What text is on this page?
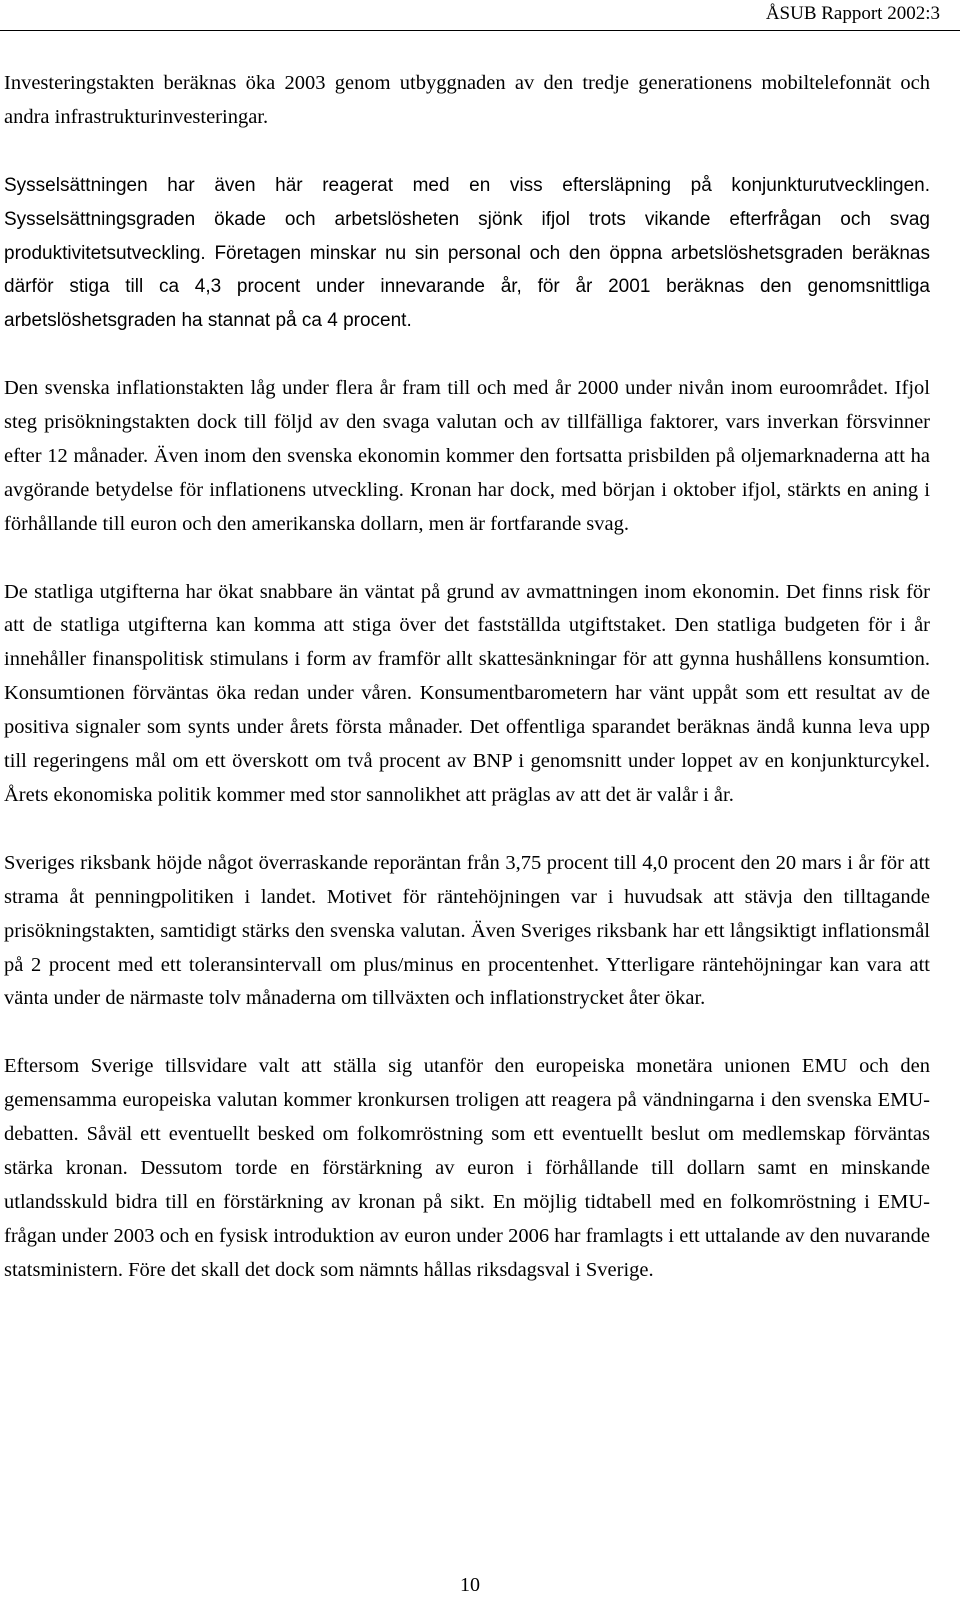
ÅSUB Rapport 2002:3

Investeringstakten beräknas öka 2003 genom utbyggnaden av den tredje generationens mobiltelefonnät och andra infrastrukturinvesteringar.

Sysselsättningen har även här reagerat med en viss eftersläpning på konjunkturutvecklingen. Sysselsättningsgraden ökade och arbetslösheten sjönk ifjol trots vikande efterfrågan och svag produktivitetsutveckling. Företagen minskar nu sin personal och den öppna arbetslöshetsgraden beräknas därför stiga till ca 4,3 procent under innevarande år, för år 2001 beräknas den genomsnittliga arbetslöshetsgraden ha stannat på ca 4 procent.

Den svenska inflationstakten låg under flera år fram till och med år 2000 under nivån inom euroområdet. Ifjol steg prisökningstakten dock till följd av den svaga valutan och av tillfälliga faktorer, vars inverkan försvinner efter 12 månader. Även inom den svenska ekonomin kommer den fortsatta prisbilden på oljemarknaderna att ha avgörande betydelse för inflationens utveckling. Kronan har dock, med början i oktober ifjol, stärkts en aning i förhållande till euron och den amerikanska dollarn, men är fortfarande svag.

De statliga utgifterna har ökat snabbare än väntat på grund av avmattningen inom ekonomin. Det finns risk för att de statliga utgifterna kan komma att stiga över det fastställda utgiftstaket. Den statliga budgeten för i år innehåller finanspolitisk stimulans i form av framför allt skattesänkningar för att gynna hushållens konsumtion. Konsumtionen förväntas öka redan under våren. Konsumentbarometern har vänt uppåt som ett resultat av de positiva signaler som synts under årets första månader. Det offentliga sparandet beräknas ändå kunna leva upp till regeringens mål om ett överskott om två procent av BNP i genomsnitt under loppet av en konjunkturcykel. Årets ekonomiska politik kommer med stor sannolikhet att präglas av att det är valår i år.

Sveriges riksbank höjde något överraskande reporäntan från 3,75 procent till 4,0 procent den 20 mars i år för att strama åt penningpolitiken i landet. Motivet för räntehöjningen var i huvudsak att stävja den tilltagande prisökningstakten, samtidigt stärks den svenska valutan. Även Sveriges riksbank har ett långsiktigt inflationsmål på 2 procent med ett toleransintervall om plus/minus en procentenhet. Ytterligare räntehöjningar kan vara att vänta under de närmaste tolv månaderna om tillväxten och inflationstrycket åter ökar.

Eftersom Sverige tillsvidare valt att ställa sig utanför den europeiska monetära unionen EMU och den gemensamma europeiska valutan kommer kronkursen troligen att reagera på vändningarna i den svenska EMU-debatten. Såväl ett eventuellt besked om folkomröstning som ett eventuellt beslut om medlemskap förväntas stärka kronan. Dessutom torde en förstärkning av euron i förhållande till dollarn samt en minskande utlandsskuld bidra till en förstärkning av kronan på sikt. En möjlig tidtabell med en folkomröstning i EMU-frågan under 2003 och en fysisk introduktion av euron under 2006 har framlagts i ett uttalande av den nuvarande statsministern. Före det skall det dock som nämnts hållas riksdagsval i Sverige.

10
